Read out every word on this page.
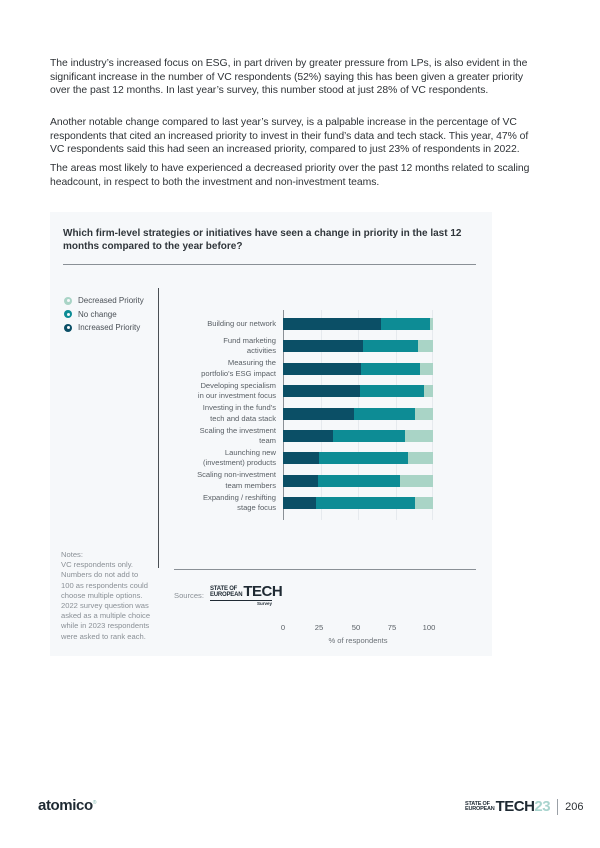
The industry’s increased focus on ESG, in part driven by greater pressure from LPs, is also evident in the significant increase in the number of VC respondents (52%) saying this has been given a greater priority over the past 12 months. In last year’s survey, this number stood at just 28% of VC respondents.

Another notable change compared to last year’s survey, is a palpable increase in the percentage of VC respondents that cited an increased priority to invest in their fund’s data and tech stack. This year, 47% of VC respondents said this had seen an increased priority, compared to just 23% of respondents in 2022.

The areas most likely to have experienced a decreased priority over the past 12 months related to scaling headcount, in respect to both the investment and non-investment teams.

Which firm-level strategies or initiatives have seen a change in priority in the last 12 months compared to the year before?
Decreased Priority
No change
Increased Priority
0	25	50	75	100
% of respondents
Building our network
Fund marketing
activities
Measuring the
portfolio's ESG impact
Developing specialism
in our investment focus
Investing in the fund's
tech and data stack
Scaling the investment
team
Launching new
(investment) products
Scaling non-investment
team members
Expanding / reshifting
stage focus
Notes:
VC respondents only. Numbers do not add to 100 as respondents could choose multiple options. 2022 survey question was asked as a multiple choice while in 2023 respondents were asked to rank each.
Sources:
STATE OF
EUROPEAN TECH
Survey
atomico®	STATE OF
EUROPEAN TECH 23 206
